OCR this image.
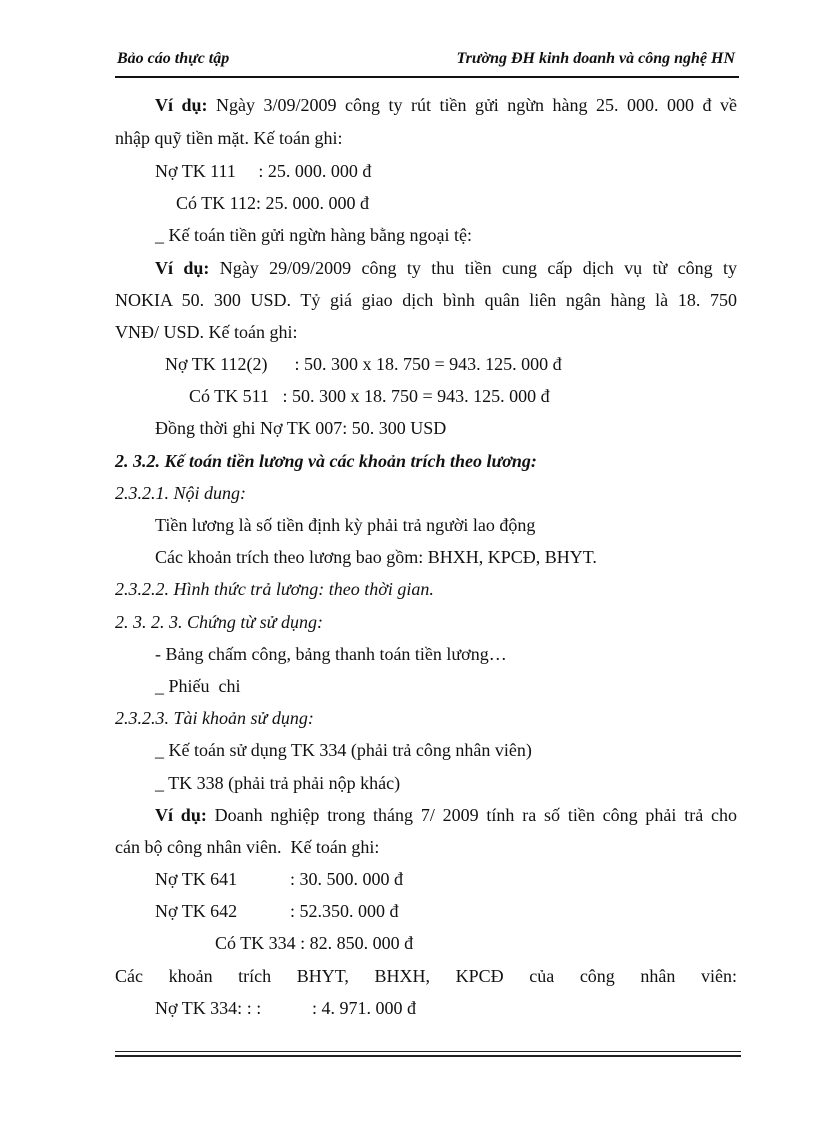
Bảo cáo thực tập	Trường ĐH kinh doanh và công nghệ HN
Ví dụ: Ngày 3/09/2009 công ty rút tiền gửi ngừn hàng 25. 000. 000 đ về
nhập quỹ tiền mặt. Kế toán ghi:
Nợ TK 111     : 25. 000. 000 đ
Có TK 112: 25. 000. 000 đ
_ Kế toán tiền gửi ngừn hàng bằng ngoại tệ:
Ví dụ: Ngày 29/09/2009 công ty thu tiền cung cấp dịch vụ từ công ty
NOKIA 50. 300 USD. Tỷ giá giao dịch bình quân liên ngân hàng là 18. 750
VNĐ/ USD. Kế toán ghi:
Nợ TK 112(2)      : 50. 300 x 18. 750 = 943. 125. 000 đ
Có TK 511   : 50. 300 x 18. 750 = 943. 125. 000 đ
Đồng thời ghi Nợ TK 007: 50. 300 USD
2. 3.2. Kế toán tiền lương và các khoản trích theo lương:
2.3.2.1. Nội dung:
Tiền lương là số tiền định kỳ phải trả người lao động
Các khoản trích theo lương bao gồm: BHXH, KPCĐ, BHYT.
2.3.2.2. Hình thức trả lương: theo thời gian.
2. 3. 2. 3. Chứng từ sử dụng:
- Bảng chấm công, bảng thanh toán tiền lương…
_ Phiếu  chi
2.3.2.3. Tài khoản sử dụng:
_ Kế toán sử dụng TK 334 (phải trả công nhân viên)
_ TK 338 (phải trả phải nộp khác)
Ví dụ: Doanh nghiệp trong tháng 7/ 2009 tính ra số tiền công phải trả cho
cán bộ công nhân viên.  Kế toán ghi:
Nợ TK 641	: 30. 500. 000 đ
Nợ TK 642	: 52.350. 000 đ
Có TK 334 : 82. 850. 000 đ
Các khoản trích BHYT, BHXH, KPCĐ của công nhân viên:
Nợ TK 334: : :	: 4. 971. 000 đ
